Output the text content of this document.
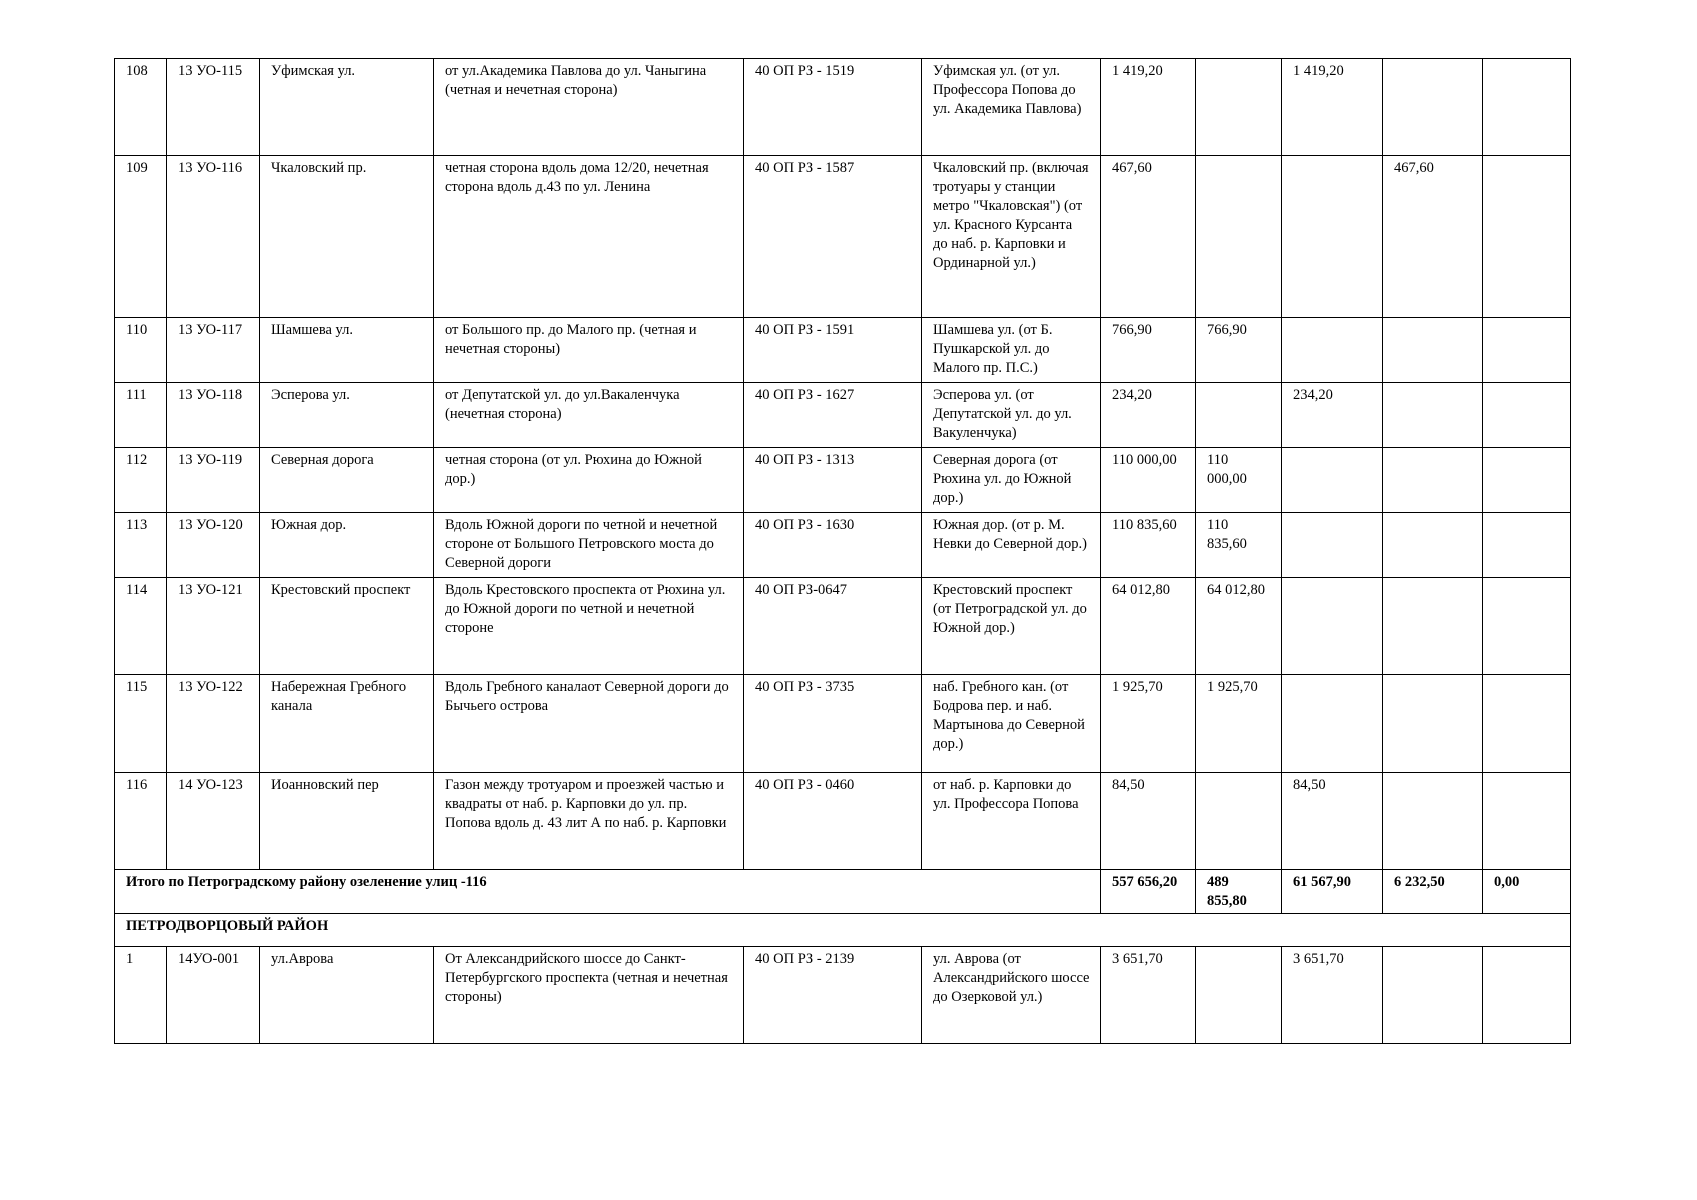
108	13 УО-115	Уфимская ул.	от ул.Академика Павлова до ул. Чаныгина (четная и нечетная сторона)	40 ОП РЗ - 1519	Уфимская ул. (от ул. Профессора Попова до ул. Академика Павлова)	1 419,20		1 419,20		
109	13 УО-116	Чкаловский пр.	четная сторона вдоль дома 12/20, нечетная сторона вдоль д.43 по ул. Ленина	40 ОП РЗ - 1587	Чкаловский пр. (включая тротуары у станции метро "Чкаловская") (от ул. Красного Курсанта до наб. р. Карповки и Ординарной ул.)	467,60			467,60	
110	13 УО-117	Шамшева ул.	от Большого пр. до Малого пр. (четная и нечетная стороны)	40 ОП РЗ - 1591	Шамшева ул. (от Б. Пушкарской ул. до Малого пр. П.С.)	766,90	766,90			
111	13 УО-118	Эсперова ул.	от Депутатской ул. до ул.Вакаленчука (нечетная сторона)	40 ОП РЗ - 1627	Эсперова ул. (от Депутатской ул. до ул. Вакуленчука)	234,20		234,20		
112	13 УО-119	Северная дорога	четная сторона (от ул. Рюхина до Южной дор.)	40 ОП РЗ - 1313	Северная дорога (от Рюхина ул. до Южной дор.)	110 000,00	110 000,00			
113	13 УО-120	Южная дор.	Вдоль Южной дороги по четной и нечетной стороне от Большого Петровского моста до Северной дороги	40 ОП РЗ - 1630	Южная дор. (от р. М. Невки до Северной дор.)	110 835,60	110 835,60			
114	13 УО-121	Крестовский проспект	Вдоль Крестовского проспекта от Рюхина ул. до Южной дороги по четной и нечетной стороне	40 ОП РЗ-0647	Крестовский проспект (от Петроградской ул. до Южной дор.)	64 012,80	64 012,80			
115	13 УО-122	Набережная Гребного канала	Вдоль Гребного каналаот Северной дороги до Бычьего острова	40 ОП РЗ - 3735	наб. Гребного кан. (от Бодрова пер. и наб. Мартынова до Северной дор.)	1 925,70	1 925,70			
116	14 УО-123	Иоанновский пер	Газон между тротуаром и проезжей частью и квадраты от наб. р. Карповки до ул. пр. Попова вдоль д. 43 лит А по наб. р. Карповки	40 ОП РЗ - 0460	от наб. р. Карповки до ул. Профессора Попова	84,50		84,50		
Итого по Петроградскому району озеленение улиц -116						557 656,20	489 855,80	61 567,90	6 232,50	0,00
ПЕТРОДВОРЦОВЫЙ РАЙОН										
1	14УО-001	ул.Аврова	От Александрийского шоссе до Санкт-Петербургского проспекта (четная и нечетная стороны)	40 ОП РЗ - 2139	ул. Аврова (от Александрийского шоссе до Озерковой ул.)	3 651,70		3 651,70		
